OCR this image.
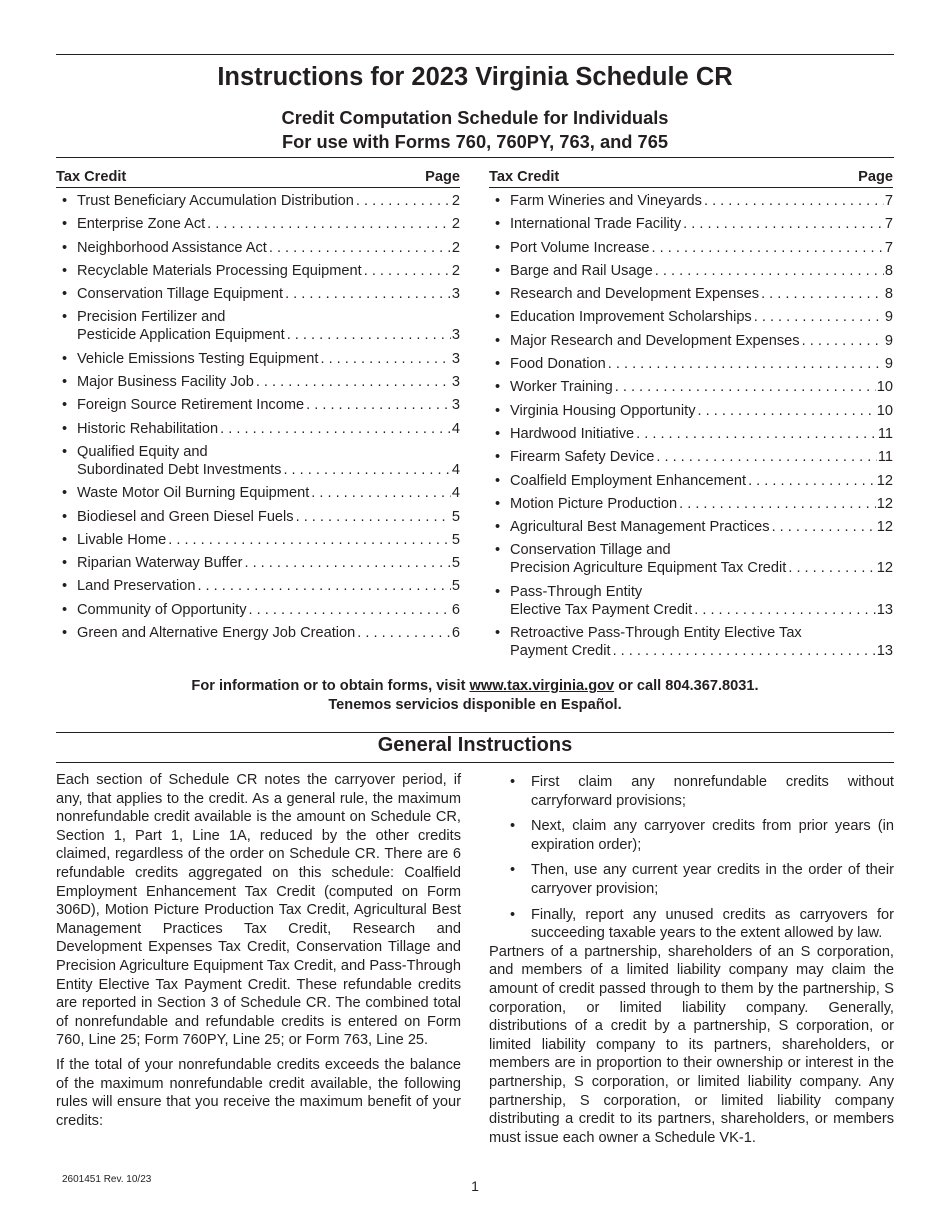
Instructions for 2023 Virginia Schedule CR
Credit Computation Schedule for Individuals
For use with Forms 760, 760PY, 763, and 765
Tax Credit	Page
• Trust Beneficiary Accumulation Distribution . . .	2
• Enterprise Zone Act . . .	2
• Neighborhood Assistance Act . . .	2
• Recyclable Materials Processing Equipment . . .	2
• Conservation Tillage Equipment . . .	3
• Precision Fertilizer and
Pesticide Application Equipment . . .	3
• Vehicle Emissions Testing Equipment . . .	3
• Major Business Facility Job . . .	3
• Foreign Source Retirement Income . . .	3
• Historic Rehabilitation . . .	4
• Qualified Equity and
Subordinated Debt Investments . . .	4
• Waste Motor Oil Burning Equipment . . .	4
• Biodiesel and Green Diesel Fuels . . .	5
• Livable Home . . .	5
• Riparian Waterway Buffer . . .	5
• Land Preservation . . .	5
• Community of Opportunity . . .	6
• Green and Alternative Energy Job Creation . . .	6
Tax Credit	Page
• Farm Wineries and Vineyards . . .	7
• International Trade Facility . . .	7
• Port Volume Increase . . .	7
• Barge and Rail Usage . . .	8
• Research and Development Expenses . . .	8
• Education Improvement Scholarships . . .	9
• Major Research and Development Expenses . . .	9
• Food Donation . . .	9
• Worker Training . . .	10
• Virginia Housing Opportunity . . .	10
• Hardwood Initiative . . .	11
• Firearm Safety Device . . .	11
• Coalfield Employment Enhancement . . .	12
• Motion Picture Production . . .	12
• Agricultural Best Management Practices . . .	12
• Conservation Tillage and
Precision Agriculture Equipment Tax Credit . . .	12
• Pass-Through Entity
Elective Tax Payment Credit . . .	13
• Retroactive Pass-Through Entity Elective Tax
Payment Credit . . .	13
For information or to obtain forms, visit www.tax.virginia.gov or call 804.367.8031.
Tenemos servicios disponible en Español.
General Instructions

Each section of Schedule CR notes the carryover period, if any, that applies to the credit. As a general rule, the maximum nonrefundable credit available is the amount on Schedule CR, Section 1, Part 1, Line 1A, reduced by the other credits claimed, regardless of the order on Schedule CR. There are 6 refundable credits aggregated on this schedule: Coalfield Employment Enhancement Tax Credit (computed on Form 306D), Motion Picture Production Tax Credit, Agricultural Best Management Practices Tax Credit, Research and Development Expenses Tax Credit, Conservation Tillage and Precision Agriculture Equipment Tax Credit, and Pass-Through Entity Elective Tax Payment Credit. These refundable credits are reported in Section 3 of Schedule CR. The combined total of nonrefundable and refundable credits is entered on Form 760, Line 25; Form 760PY, Line 25; or Form 763, Line 25.

If the total of your nonrefundable credits exceeds the balance of the maximum nonrefundable credit available, the following rules will ensure that you receive the maximum benefit of your credits:

• First claim any nonrefundable credits without carryforward provisions;
• Next, claim any carryover credits from prior years (in expiration order);
• Then, use any current year credits in the order of their carryover provision;
• Finally, report any unused credits as carryovers for succeeding taxable years to the extent allowed by law.

Partners of a partnership, shareholders of an S corporation, and members of a limited liability company may claim the amount of credit passed through to them by the partnership, S corporation, or limited liability company. Generally, distributions of a credit by a partnership, S corporation, or limited liability company to its partners, shareholders, or members are in proportion to their ownership or interest in the partnership, S corporation, or limited liability company. Any partnership, S corporation, or limited liability company distributing a credit to its partners, shareholders, or members must issue each owner a Schedule VK-1.

2601451 Rev. 10/23	1
